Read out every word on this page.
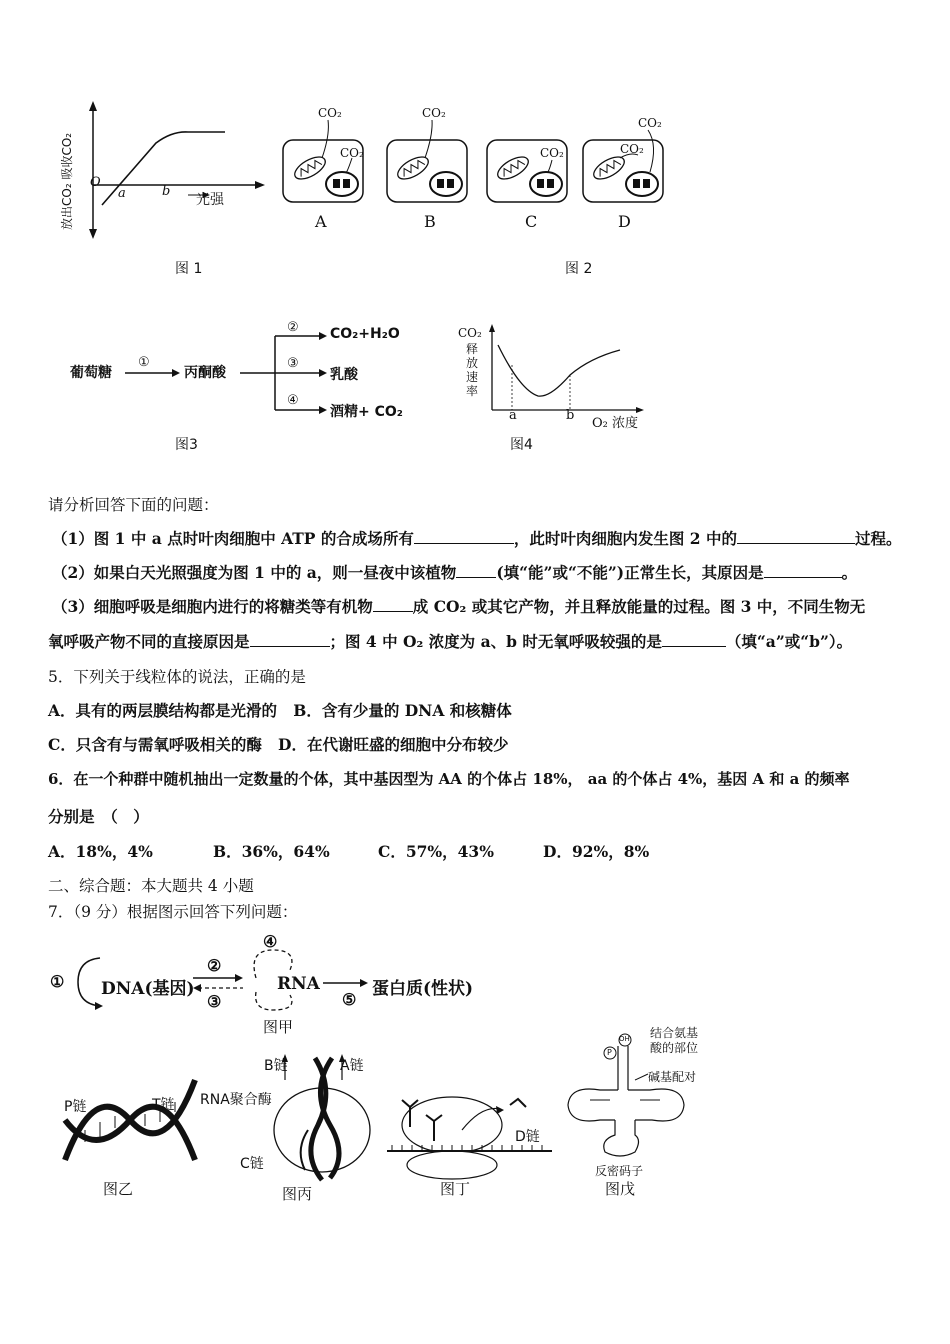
放出CO₂ 吸收CO₂ O
a	b
光强
图 1
CO₂
CO₂
CO₂
CO₂
CO₂
CO₂
A	B	C	D
图 2
葡萄糖
①
丙酮酸
② CO₂+H₂O
③
乳酸
④
酒精+ CO₂
图3
CO₂
释
放
速
率
a	b
O₂ 浓度
图4
请分析回答下面的问题：
（1）图 1 中 a 点时叶肉细胞中 ATP 的合成场所有	，此时叶肉细胞内发生图 2 中的	过程。
（2）如果白天光照强度为图 1 中的 a，则一昼夜中该植物	(填“能”或“不能”)正常生长，其原因是	。
（3）细胞呼吸是细胞内进行的将糖类等有机物	成 CO₂ 或其它产物，并且释放能量的过程。图 3 中，不同生物无
氧呼吸产物不同的直接原因是	；图 4 中 O₂ 浓度为 a、b 时无氧呼吸较强的是	（填“a”或“b”）。
5．下列关于线粒体的说法，正确的是
A．具有的两层膜结构都是光滑的 B．含有少量的 DNA 和核糖体
C．只含有与需氧呼吸相关的酶 D．在代谢旺盛的细胞中分布较少
6．在一个种群中随机抽出一定数量的个体，其中基因型为 AA 的个体占 18%， aa 的个体占 4%，基因 A 和 a 的频率
分别是　（　）
A．18%，4%	B．36%，64%	C．57%，43%	D．92%，8%
二、综合题：本大题共 4 小题
7．（9 分）根据图示回答下列问题：
① DNA(基因)
②
③
④
RNA
⑤
蛋白质(性状)
图甲
P链	T链
图乙
B链	A链
RNA聚合酶
C链
图丙
D链
图丁
OH
P
结合氨基
酸的部位
碱基配对
反密码子
图戊
